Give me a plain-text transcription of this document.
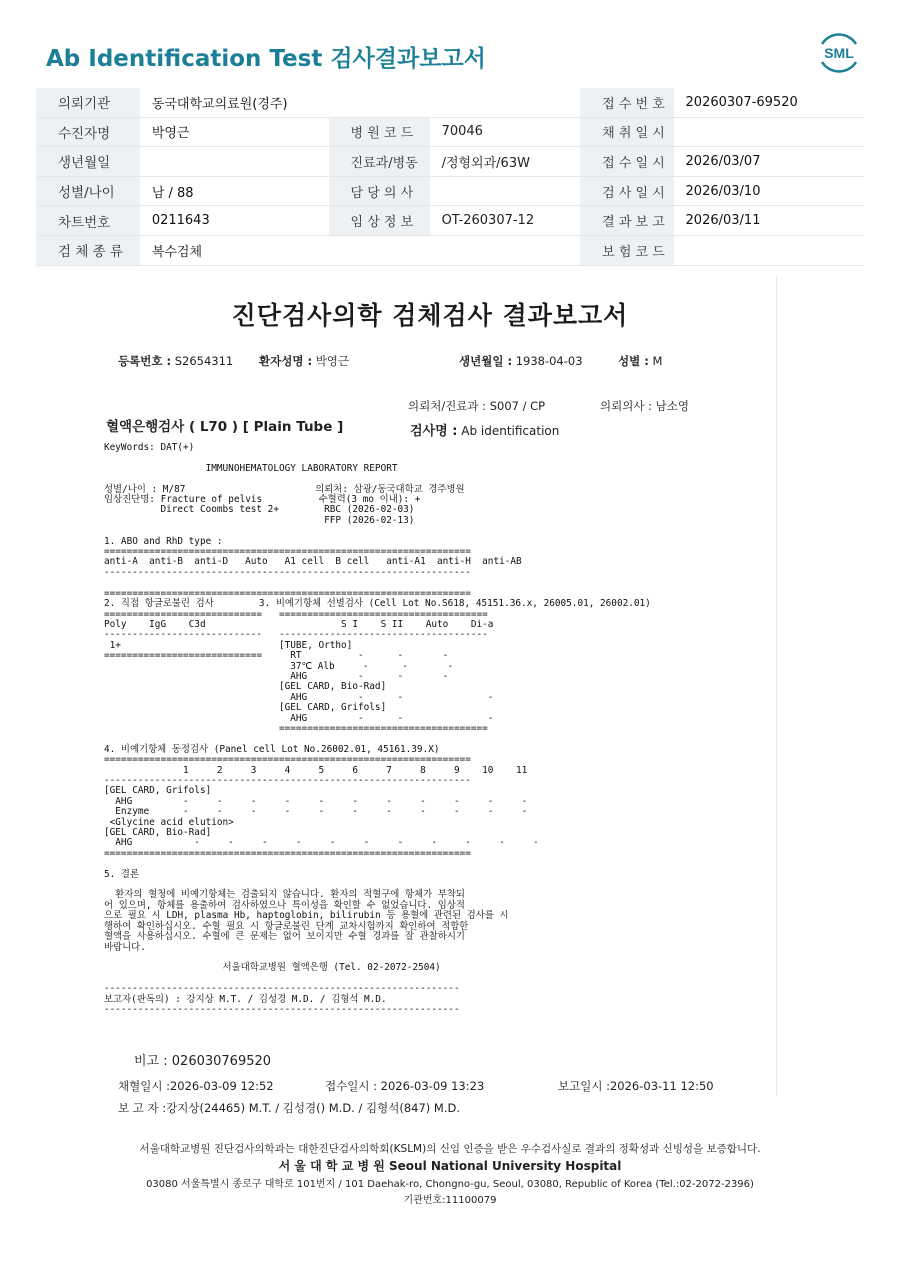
Ab Identification Test 검사결과보고서	SML
의뢰기관	동국대학교의료원(경주)			접 수 번 호	20260307-69520
수진자명	박영근	병 원 코 드	70046	채 취 일 시	
생년월일		진료과/병동	/정형외과/63W	접 수 일 시	2026/03/07
성별/나이	남 / 88	담 당 의 사		검 사 일 시	2026/03/10
차트번호	0211643	임 상 정 보	OT-260307-12	결 과 보 고	2026/03/11
검 체 종 류	복수검체			보 험 코 드	
진단검사의학 검체검사 결과보고서
등록번호 : S2654311 환자성명 : 박영근	생년월일 : 1938-04-03	성별 : M
의뢰처/진료과 : S007 / CP	의뢰의사 : 남소영
혈액은행검사 ( L70 ) [ Plain Tube ]	검사명 : Ab identification
KeyWords: DAT(+)

IMMUNOHEMATOLOGY LABORATORY REPORT

성별/나이 : M/87                       의뢰처: 삼광/동국대학교 경주병원
임상진단명: Fracture of pelvis          수혈력(3 mo 이내): +
Direct Coombs test 2+        RBC (2026-02-03)
FFP (2026-02-13)

1. ABO and RhD type :
=================================================================
anti-A  anti-B  anti-D   Auto   A1 cell  B cell   anti-A1  anti-H  anti-AB
-----------------------------------------------------------------

=================================================================
2. 직접 항글로불린 검사        3. 비예기항체 선별검사 (Cell Lot No.S618, 45151.36.x, 26005.01, 26002.01)
============================   =====================================
Poly    IgG    C3d                        S I    S II    Auto    Di-a
----------------------------   -------------------------------------
1+                            [TUBE, Ortho]
============================     RT          -      -       -
37℃ Alb     -      -       -
AHG         -      -       -
[GEL CARD, Bio-Rad]
AHG         -      -               -
[GEL CARD, Grifols]
AHG         -      -               -
=====================================

4. 비예기항체 동정검사 (Panel cell Lot No.26002.01, 45161.39.X)
=================================================================
1     2     3     4     5     6     7     8     9    10    11
-----------------------------------------------------------------
[GEL CARD, Grifols]
AHG         -     -     -     -     -     -     -     -     -     -     -
Enzyme      -     -     -     -     -     -     -     -     -     -     -
<Glycine acid elution>
[GEL CARD, Bio-Rad]
AHG           -     -     -     -     -     -     -     -     -     -     -
=================================================================

5. 결론

환자의 혈청에 비예기항체는 검출되지 않습니다. 환자의 적혈구에 항체가 부착되
어 있으며, 항체를 용출하여 검사하였으나 특이성을 확인할 수 없었습니다. 임상적
으로 필요 시 LDH, plasma Hb, haptoglobin, bilirubin 등 용혈에 관련된 검사를 시
행하여 확인하십시오. 수혈 필요 시 항글로불린 단계 교차시험까지 확인하여 적합한
혈액을 사용하십시오. 수혈에 큰 문제는 없어 보이지만 수혈 경과를 잘 관찰하시기
바랍니다.

서울대학교병원 혈액은행 (Tel. 02-2072-2504)

---------------------------------------------------------------
보고자(판독의) : 강지상 M.T. / 김성경 M.D. / 김형석 M.D.
---------------------------------------------------------------
비고 : 026030769520
채혈일시 :2026-03-09 12:52	접수일시 : 2026-03-09 13:23	보고일시 :2026-03-11 12:50
보 고 자 :강지상(24465) M.T. / 김성경() M.D. / 김형석(847) M.D.
서울대학교병원 진단검사의학과는 대한진단검사의학회(KSLM)의 신임 인증을 받은 우수검사실로 결과의 정확성과 신빙성을 보증합니다.
서 울 대 학 교 병 원 Seoul National University Hospital
03080 서울특별시 종로구 대학로 101번지 / 101 Daehak-ro, Chongno-gu, Seoul, 03080, Republic of Korea (Tel.:02-2072-2396)
기관번호:11100079
